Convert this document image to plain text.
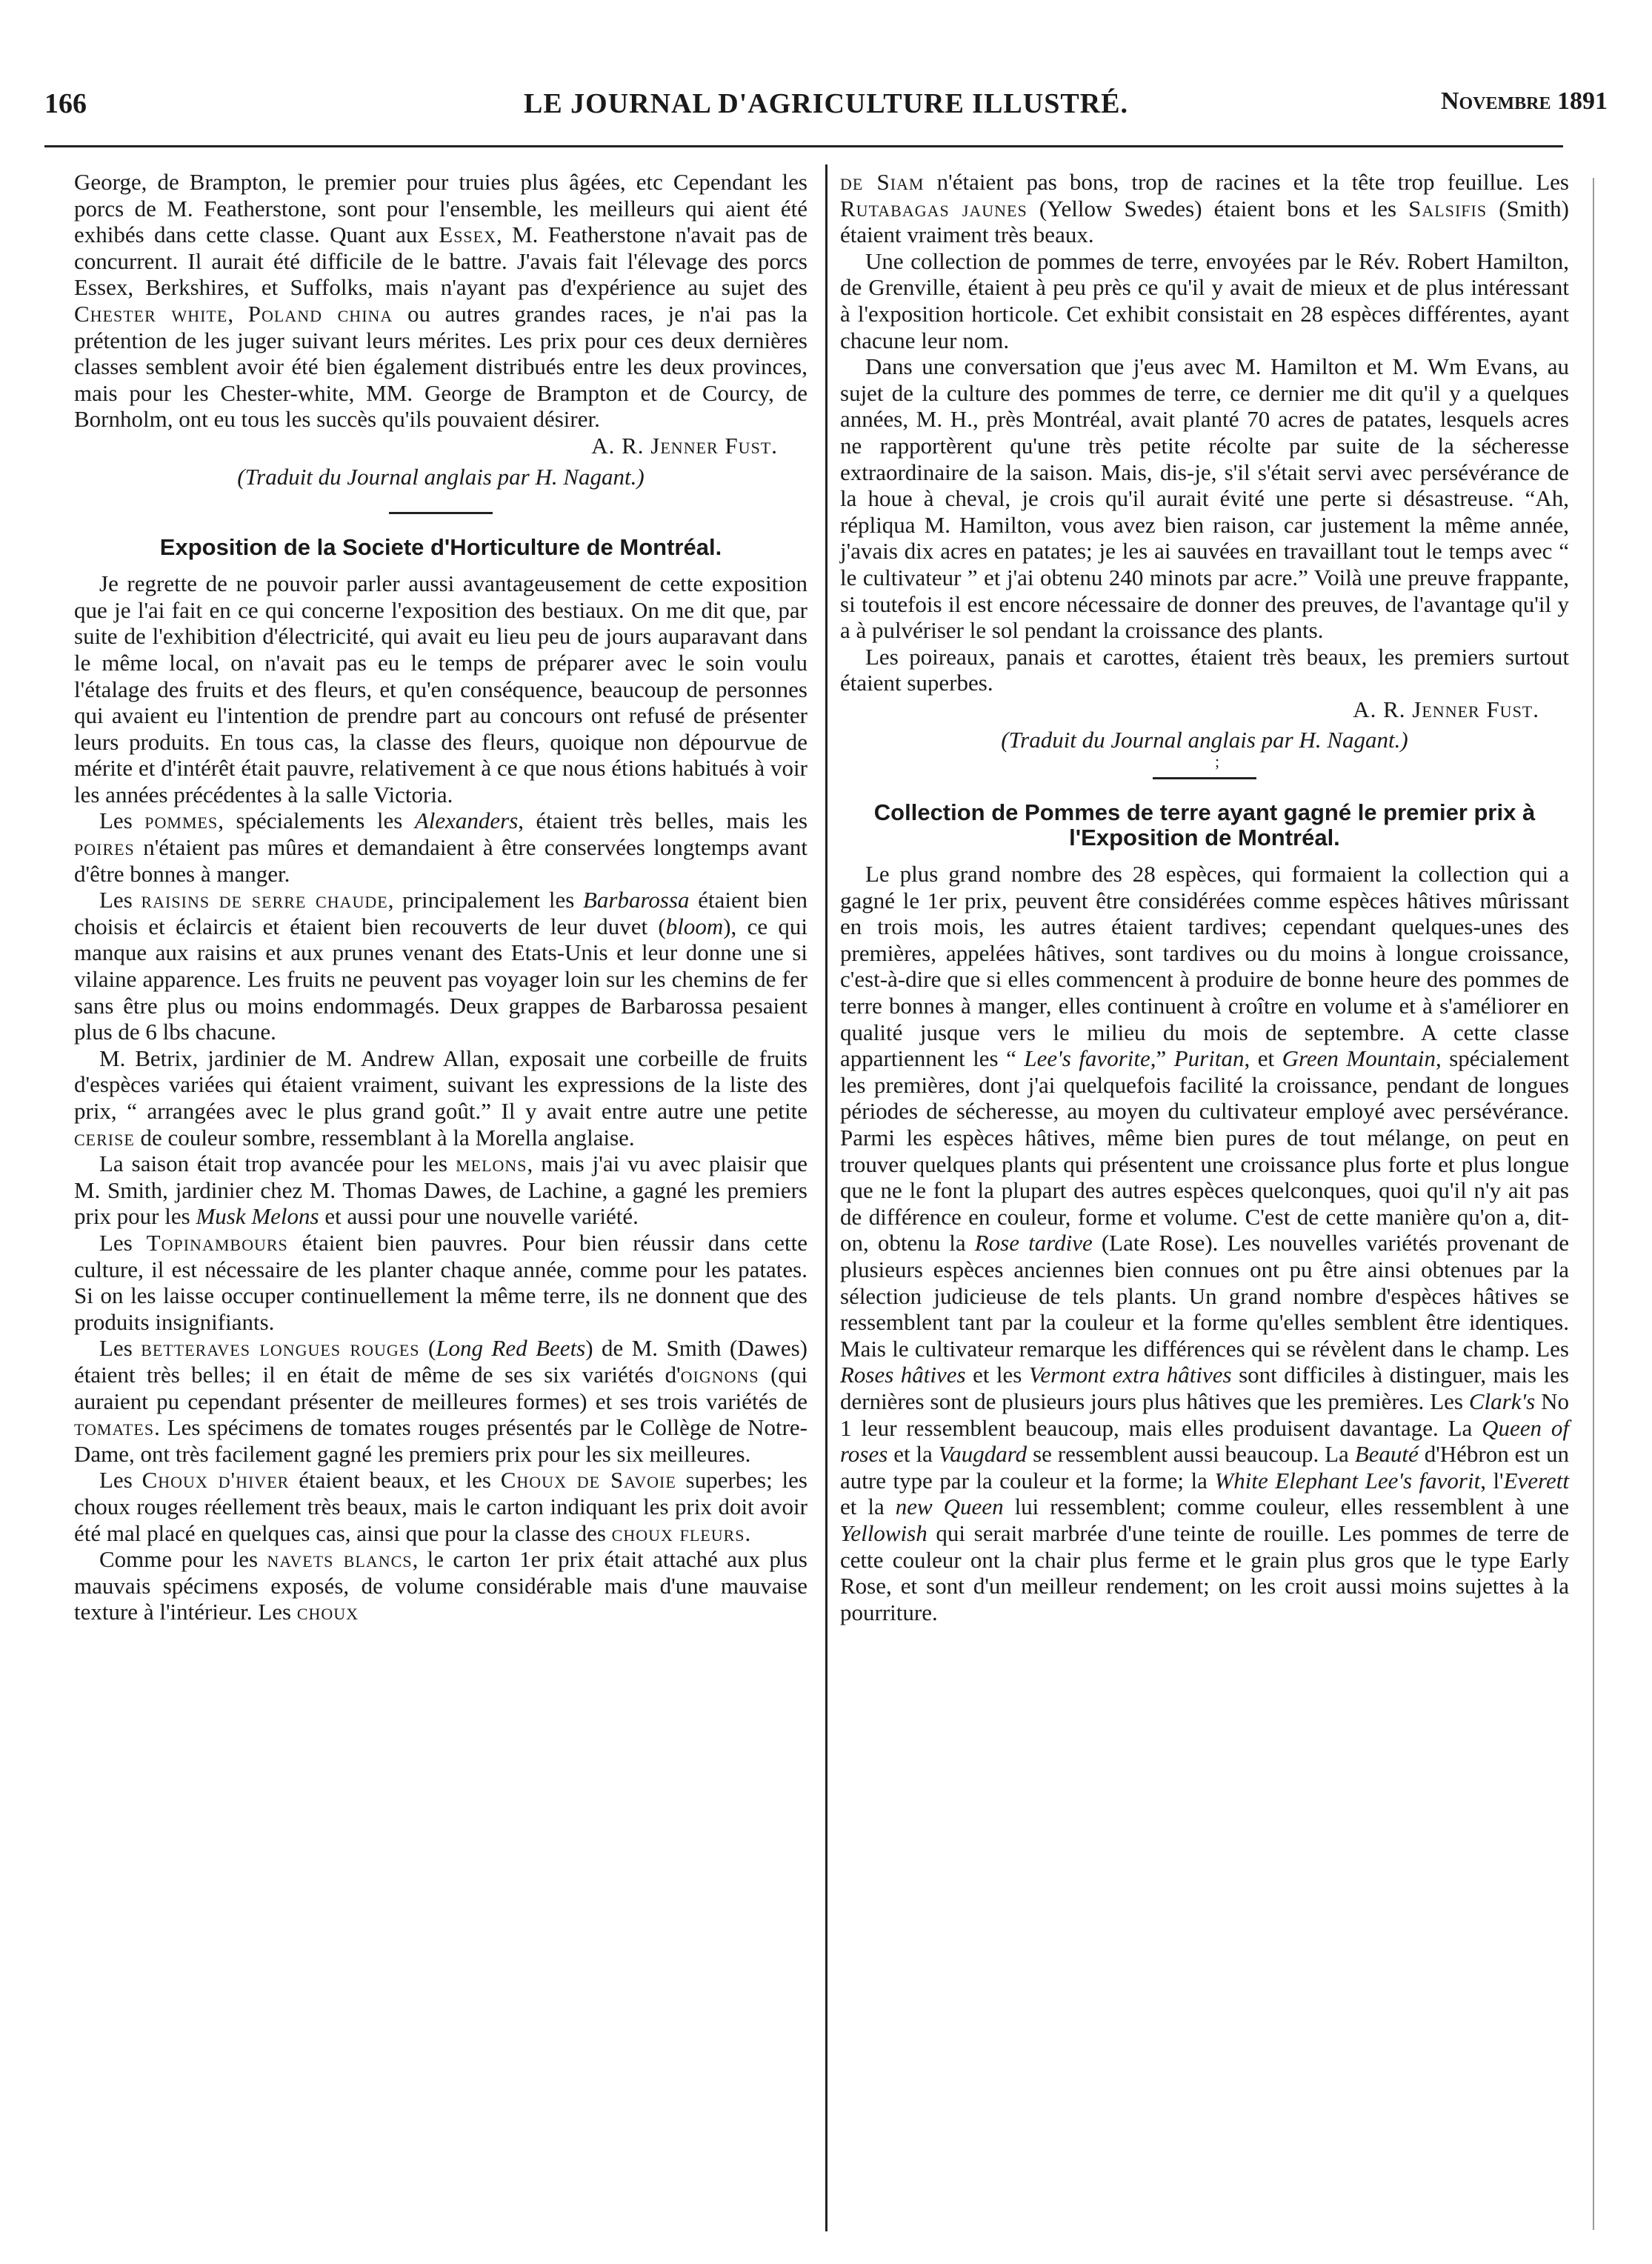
166	LE JOURNAL D'AGRICULTURE ILLUSTRÉ.	Novembre 1891

George, de Brampton, le premier pour truies plus âgées, etc Cependant les porcs de M. Featherstone, sont pour l'ensemble, les meilleurs qui aient été exhibés dans cette classe. Quant aux Essex, M. Featherstone n'avait pas de concurrent. Il aurait été difficile de le battre. J'avais fait l'élevage des porcs Essex, Berkshires, et Suffolks, mais n'ayant pas d'expérience au sujet des Chester white, Poland china ou autres grandes races, je n'ai pas la prétention de les juger suivant leurs mérites. Les prix pour ces deux dernières classes semblent avoir été bien également distribués entre les deux provinces, mais pour les Chester-white, MM. George de Brampton et de Courcy, de Bornholm, ont eu tous les succès qu'ils pouvaient désirer.

A. R. Jenner Fust.

(Traduit du Journal anglais par H. Nagant.)

Exposition de la Societe d'Horticulture de Montréal.

Je regrette de ne pouvoir parler aussi avantageusement de cette exposition que je l'ai fait en ce qui concerne l'exposition des bestiaux. On me dit que, par suite de l'exhibition d'électricité, qui avait eu lieu peu de jours auparavant dans le même local, on n'avait pas eu le temps de préparer avec le soin voulu l'étalage des fruits et des fleurs, et qu'en conséquence, beaucoup de personnes qui avaient eu l'intention de prendre part au concours ont refusé de présenter leurs produits. En tous cas, la classe des fleurs, quoique non dépourvue de mérite et d'intérêt était pauvre, relativement à ce que nous étions habitués à voir les années précédentes à la salle Victoria.

Les pommes, spécialements les Alexanders, étaient très belles, mais les poires n'étaient pas mûres et demandaient à être conservées longtemps avant d'être bonnes à manger.

Les raisins de serre chaude, principalement les Barbarossa étaient bien choisis et éclaircis et étaient bien recouverts de leur duvet (bloom), ce qui manque aux raisins et aux prunes venant des Etats-Unis et leur donne une si vilaine apparence. Les fruits ne peuvent pas voyager loin sur les chemins de fer sans être plus ou moins endommagés. Deux grappes de Barbarossa pesaient plus de 6 lbs chacune.

M. Betrix, jardinier de M. Andrew Allan, exposait une corbeille de fruits d'espèces variées qui étaient vraiment, suivant les expressions de la liste des prix, “ arrangées avec le plus grand goût.” Il y avait entre autre une petite cerise de couleur sombre, ressemblant à la Morella anglaise.

La saison était trop avancée pour les melons, mais j'ai vu avec plaisir que M. Smith, jardinier chez M. Thomas Dawes, de Lachine, a gagné les premiers prix pour les Musk Melons et aussi pour une nouvelle variété.

Les Topinambours étaient bien pauvres. Pour bien réussir dans cette culture, il est nécessaire de les planter chaque année, comme pour les patates. Si on les laisse occuper continuellement la même terre, ils ne donnent que des produits insignifiants.

Les betteraves longues rouges (Long Red Beets) de M. Smith (Dawes) étaient très belles; il en était de même de ses six variétés d'oignons (qui auraient pu cependant présenter de meilleures formes) et ses trois variétés de tomates. Les spécimens de tomates rouges présentés par le Collège de Notre-Dame, ont très facilement gagné les premiers prix pour les six meilleures.

Les Choux d'hiver étaient beaux, et les Choux de Savoie superbes; les choux rouges réellement très beaux, mais le carton indiquant les prix doit avoir été mal placé en quelques cas, ainsi que pour la classe des choux fleurs.

Comme pour les navets blancs, le carton 1er prix était attaché aux plus mauvais spécimens exposés, de volume considérable mais d'une mauvaise texture à l'intérieur. Les choux

de Siam n'étaient pas bons, trop de racines et la tête trop feuillue. Les Rutabagas jaunes (Yellow Swedes) étaient bons et les Salsifis (Smith) étaient vraiment très beaux.

Une collection de pommes de terre, envoyées par le Rév. Robert Hamilton, de Grenville, étaient à peu près ce qu'il y avait de mieux et de plus intéressant à l'exposition horticole. Cet exhibit consistait en 28 espèces différentes, ayant chacune leur nom.

Dans une conversation que j'eus avec M. Hamilton et M. Wm Evans, au sujet de la culture des pommes de terre, ce dernier me dit qu'il y a quelques années, M. H., près Montréal, avait planté 70 acres de patates, lesquels acres ne rapportèrent qu'une très petite récolte par suite de la sécheresse extraordinaire de la saison. Mais, dis-je, s'il s'était servi avec persévérance de la houe à cheval, je crois qu'il aurait évité une perte si désastreuse. “Ah, répliqua M. Hamilton, vous avez bien raison, car justement la même année, j'avais dix acres en patates; je les ai sauvées en travaillant tout le temps avec “ le cultivateur ” et j'ai obtenu 240 minots par acre.” Voilà une preuve frappante, si toutefois il est encore nécessaire de donner des preuves, de l'avantage qu'il y a à pulvériser le sol pendant la croissance des plants.

Les poireaux, panais et carottes, étaient très beaux, les premiers surtout étaient superbes.

A. R. Jenner Fust.

(Traduit du Journal anglais par H. Nagant.)

;

Collection de Pommes de terre ayant gagné le premier prix à l'Exposition de Montréal.

Le plus grand nombre des 28 espèces, qui formaient la collection qui a gagné le 1er prix, peuvent être considérées comme espèces hâtives mûrissant en trois mois, les autres étaient tardives; cependant quelques-unes des premières, appelées hâtives, sont tardives ou du moins à longue croissance, c'est-à-dire que si elles commencent à produire de bonne heure des pommes de terre bonnes à manger, elles continuent à croître en volume et à s'améliorer en qualité jusque vers le milieu du mois de septembre. A cette classe appartiennent les “ Lee's favorite,” Puritan, et Green Mountain, spécialement les premières, dont j'ai quelquefois facilité la croissance, pendant de longues périodes de sécheresse, au moyen du cultivateur employé avec persévérance. Parmi les espèces hâtives, même bien pures de tout mélange, on peut en trouver quelques plants qui présentent une croissance plus forte et plus longue que ne le font la plupart des autres espèces quelconques, quoi qu'il n'y ait pas de différence en couleur, forme et volume. C'est de cette manière qu'on a, dit-on, obtenu la Rose tardive (Late Rose). Les nouvelles variétés provenant de plusieurs espèces anciennes bien connues ont pu être ainsi obtenues par la sélection judicieuse de tels plants. Un grand nombre d'espèces hâtives se ressemblent tant par la couleur et la forme qu'elles semblent être identiques. Mais le cultivateur remarque les différences qui se révèlent dans le champ. Les Roses hâtives et les Vermont extra hâtives sont difficiles à distinguer, mais les dernières sont de plusieurs jours plus hâtives que les premières. Les Clark's No 1 leur ressemblent beaucoup, mais elles produisent davantage. La Queen of roses et la Vaugdard se ressemblent aussi beaucoup. La Beauté d'Hébron est un autre type par la couleur et la forme; la White Elephant Lee's favorit, l'Everett et la new Queen lui ressemblent; comme couleur, elles ressemblent à une Yellowish qui serait marbrée d'une teinte de rouille. Les pommes de terre de cette couleur ont la chair plus ferme et le grain plus gros que le type Early Rose, et sont d'un meilleur rendement; on les croit aussi moins sujettes à la pourriture.
